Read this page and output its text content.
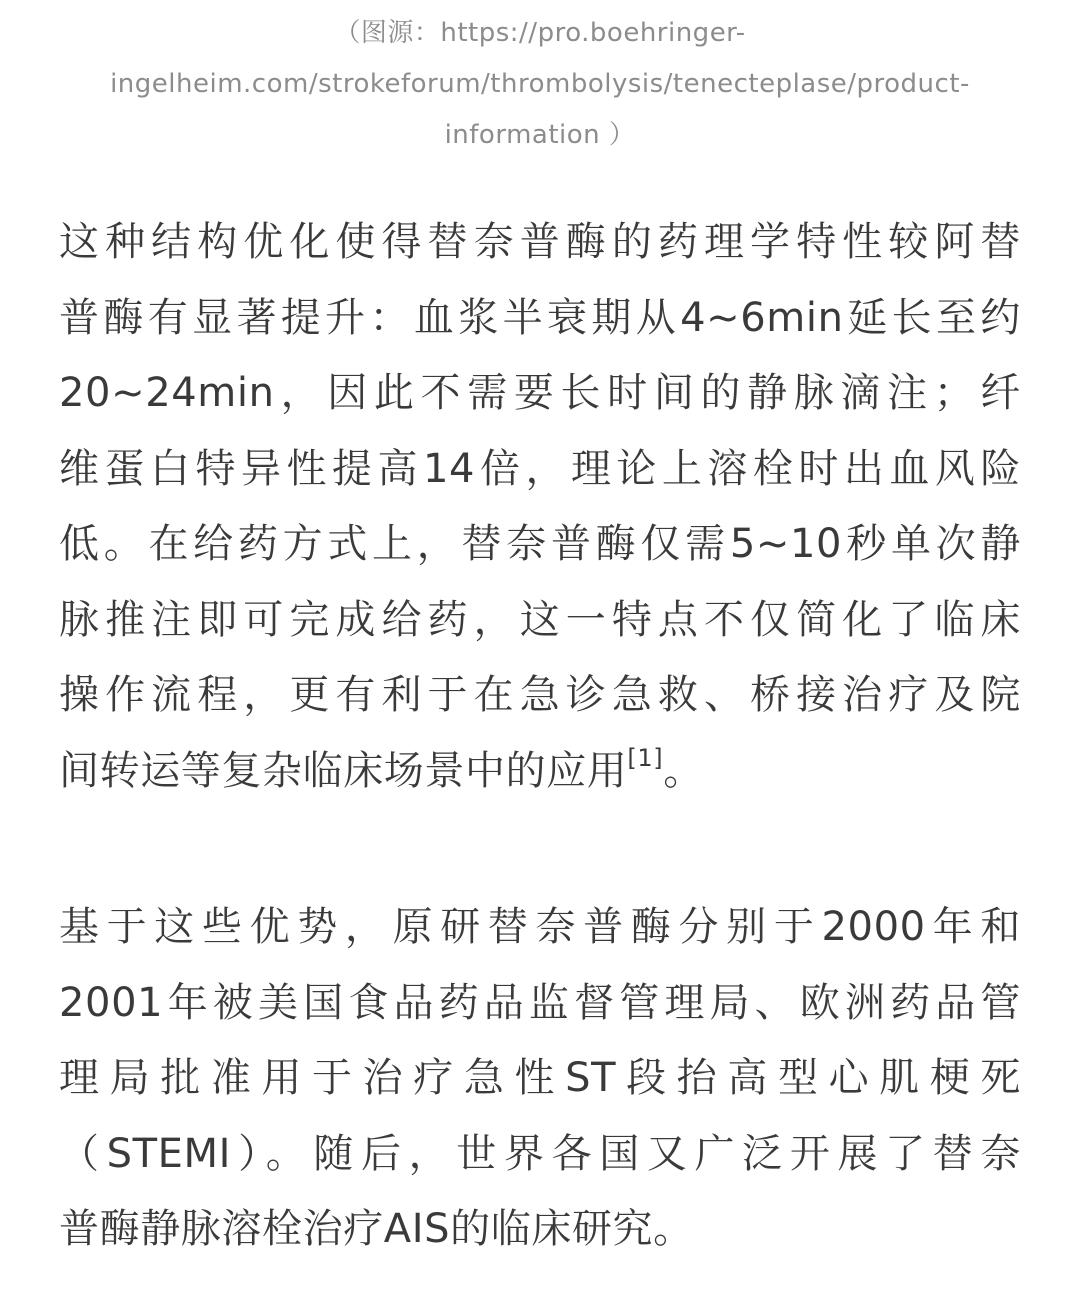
（图源：https://pro.boehringer-
ingelheim.com/strokeforum/thrombolysis/tenecteplase/product-
information ）
这种结构优化使得替奈普酶的药理学特性较阿替
普酶有显著提升：血浆半衰期从4~6min延长至约
20~24min，因此不需要长时间的静脉滴注；纤
维蛋白特异性提高14倍，理论上溶栓时出血风险
低。在给药方式上，替奈普酶仅需5~10秒单次静
脉推注即可完成给药，这一特点不仅简化了临床
操作流程，更有利于在急诊急救、桥接治疗及院
间转运等复杂临床场景中的应用[1]。
基于这些优势，原研替奈普酶分别于2000年和
2001年被美国食品药品监督管理局、欧洲药品管
理局批准用于治疗急性ST段抬高型心肌梗死
（STEMI）。随后，世界各国又广泛开展了替奈
普酶静脉溶栓治疗AIS的临床研究。
